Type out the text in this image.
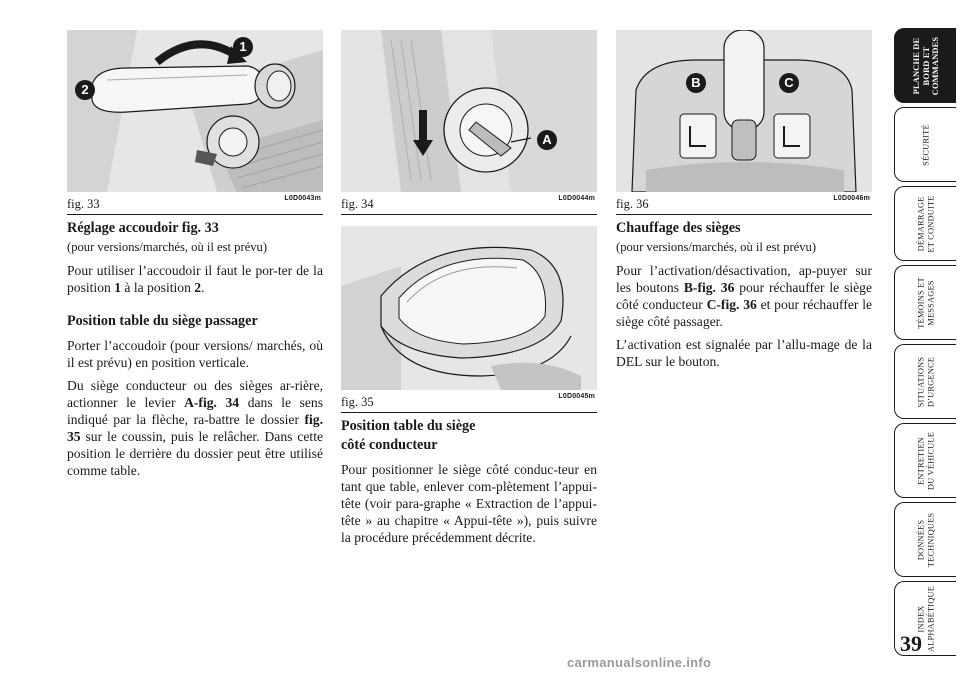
1
2
fig. 33	L0D0043m
Réglage accoudoir fig. 33
(pour versions/marchés, où il est prévu)

Pour utiliser l’accoudoir il faut le por-ter de la position 1 à la position 2.

Position table du siège passager

Porter l’accoudoir (pour versions/ marchés, où il est prévu) en position verticale.

Du siège conducteur ou des sièges ar-rière, actionner le levier A-fig. 34 dans le sens indiqué par la flèche, ra-battre le dossier fig. 35 sur le coussin, puis le relâcher. Dans cette position le derrière du dossier peut être utilisé comme table.

A
fig. 34	L0D0044m
fig. 35	L0D0045m
Position table du siège
côté conducteur

Pour positionner le siège côté conduc-teur en tant que table, enlever com-plètement l’appui-tête (voir para-graphe « Extraction de l’appui-tête » au chapitre « Appui-tête »), puis suivre la procédure précédemment décrite.

B	C
fig. 36	L0D0046m
Chauffage des sièges
(pour versions/marchés, où il est prévu)

Pour l’activation/désactivation, ap-puyer sur les boutons B-fig. 36 pour réchauffer le siège côté conducteur C-fig. 36 et pour réchauffer le siège côté passager.

L’activation est signalée par l’allu-mage de la DEL sur le bouton.

PLANCHE DE
BORD ET
COMMANDES
SÉCURITÉ
DÉMARRAGE
ET CONDUITE
TÉMOINS ET
MESSAGES
SITUATIONS
D’URGENCE
ENTRETIEN
DU VÉHICULE
DONNÉES
TECHNIQUES
INDEX
ALPHABÉTIQUE
39
carmanualsonline.info
